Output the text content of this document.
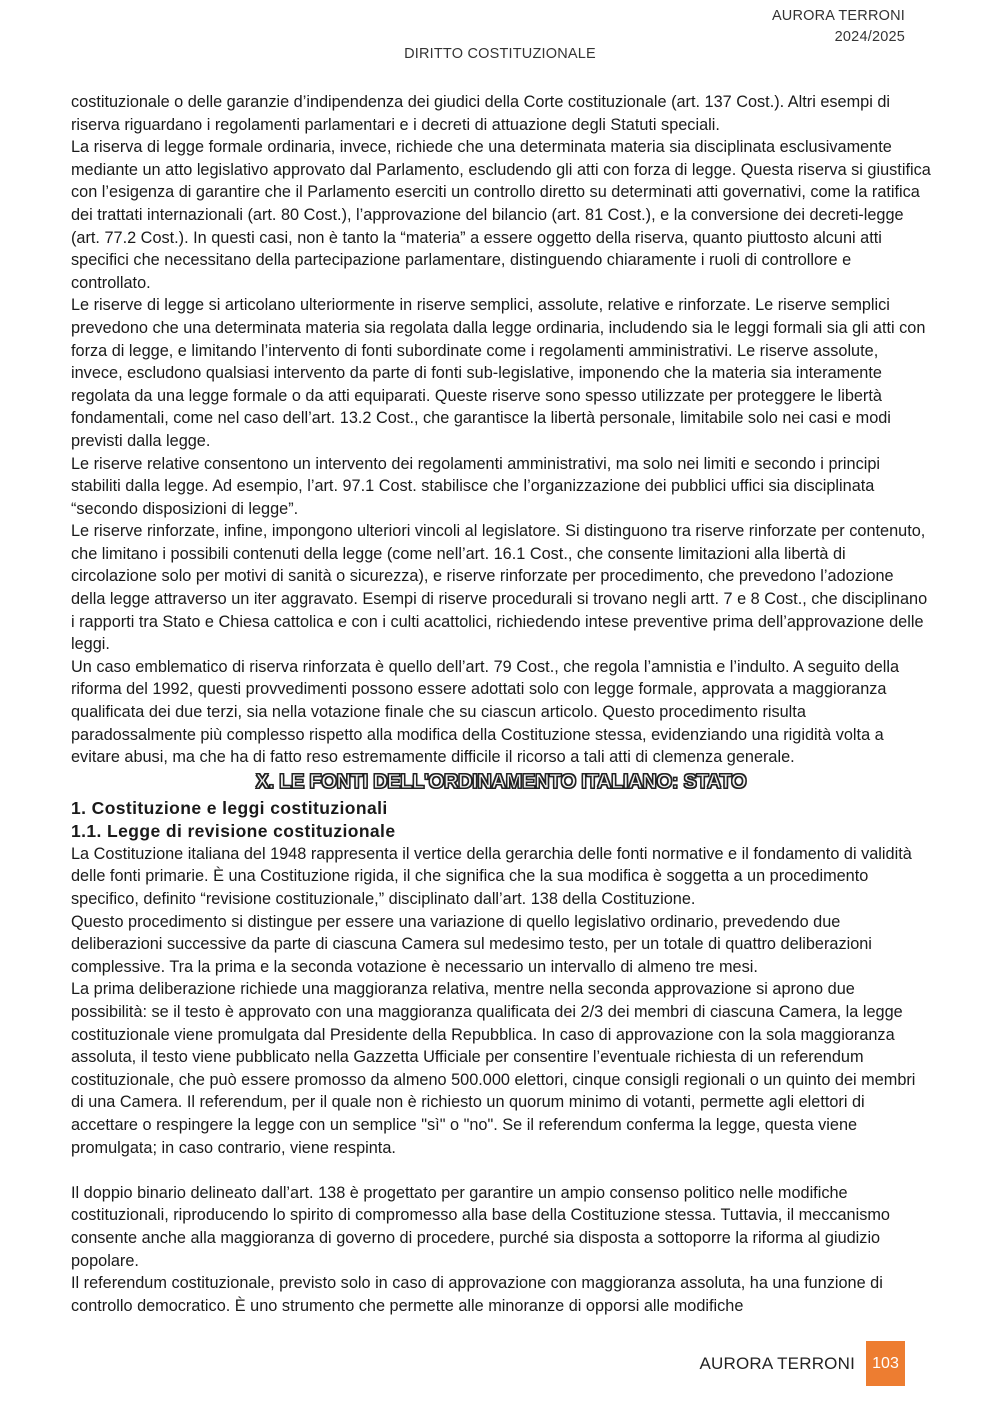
AURORA TERRONI
2024/2025
DIRITTO COSTITUZIONALE

costituzionale o delle garanzie d’indipendenza dei giudici della Corte costituzionale (art. 137 Cost.). Altri esempi di riserva riguardano i regolamenti parlamentari e i decreti di attuazione degli Statuti speciali.

La riserva di legge formale ordinaria, invece, richiede che una determinata materia sia disciplinata esclusivamente mediante un atto legislativo approvato dal Parlamento, escludendo gli atti con forza di legge. Questa riserva si giustifica con l’esigenza di garantire che il Parlamento eserciti un controllo diretto su determinati atti governativi, come la ratifica dei trattati internazionali (art. 80 Cost.), l’approvazione del bilancio (art. 81 Cost.), e la conversione dei decreti-legge (art. 77.2 Cost.). In questi casi, non è tanto la “materia” a essere oggetto della riserva, quanto piuttosto alcuni atti specifici che necessitano della partecipazione parlamentare, distinguendo chiaramente i ruoli di controllore e controllato.

Le riserve di legge si articolano ulteriormente in riserve semplici, assolute, relative e rinforzate. Le riserve semplici prevedono che una determinata materia sia regolata dalla legge ordinaria, includendo sia le leggi formali sia gli atti con forza di legge, e limitando l’intervento di fonti subordinate come i regolamenti amministrativi. Le riserve assolute, invece, escludono qualsiasi intervento da parte di fonti sub-legislative, imponendo che la materia sia interamente regolata da una legge formale o da atti equiparati. Queste riserve sono spesso utilizzate per proteggere le libertà fondamentali, come nel caso dell’art. 13.2 Cost., che garantisce la libertà personale, limitabile solo nei casi e modi previsti dalla legge.

Le riserve relative consentono un intervento dei regolamenti amministrativi, ma solo nei limiti e secondo i principi stabiliti dalla legge. Ad esempio, l’art. 97.1 Cost. stabilisce che l’organizzazione dei pubblici uffici sia disciplinata “secondo disposizioni di legge”.

Le riserve rinforzate, infine, impongono ulteriori vincoli al legislatore. Si distinguono tra riserve rinforzate per contenuto, che limitano i possibili contenuti della legge (come nell’art. 16.1 Cost., che consente limitazioni alla libertà di circolazione solo per motivi di sanità o sicurezza), e riserve rinforzate per procedimento, che prevedono l’adozione della legge attraverso un iter aggravato. Esempi di riserve procedurali si trovano negli artt. 7 e 8 Cost., che disciplinano i rapporti tra Stato e Chiesa cattolica e con i culti acattolici, richiedendo intese preventive prima dell’approvazione delle leggi.

Un caso emblematico di riserva rinforzata è quello dell’art. 79 Cost., che regola l’amnistia e l’indulto. A seguito della riforma del 1992, questi provvedimenti possono essere adottati solo con legge formale, approvata a maggioranza qualificata dei due terzi, sia nella votazione finale che su ciascun articolo. Questo procedimento risulta paradossalmente più complesso rispetto alla modifica della Costituzione stessa, evidenziando una rigidità volta a evitare abusi, ma che ha di fatto reso estremamente difficile il ricorso a tali atti di clemenza generale.

X. LE FONTI DELL'ORDINAMENTO ITALIANO: STATO
1. Costituzione e leggi costituzionali
1.1. Legge di revisione costituzionale

La Costituzione italiana del 1948 rappresenta il vertice della gerarchia delle fonti normative e il fondamento di validità delle fonti primarie. È una Costituzione rigida, il che significa che la sua modifica è soggetta a un procedimento specifico, definito “revisione costituzionale,” disciplinato dall’art. 138 della Costituzione.

Questo procedimento si distingue per essere una variazione di quello legislativo ordinario, prevedendo due deliberazioni successive da parte di ciascuna Camera sul medesimo testo, per un totale di quattro deliberazioni complessive. Tra la prima e la seconda votazione è necessario un intervallo di almeno tre mesi.

La prima deliberazione richiede una maggioranza relativa, mentre nella seconda approvazione si aprono due possibilità: se il testo è approvato con una maggioranza qualificata dei 2/3 dei membri di ciascuna Camera, la legge costituzionale viene promulgata dal Presidente della Repubblica. In caso di approvazione con la sola maggioranza assoluta, il testo viene pubblicato nella Gazzetta Ufficiale per consentire l’eventuale richiesta di un referendum costituzionale, che può essere promosso da almeno 500.000 elettori, cinque consigli regionali o un quinto dei membri di una Camera. Il referendum, per il quale non è richiesto un quorum minimo di votanti, permette agli elettori di accettare o respingere la legge con un semplice "sì" o "no". Se il referendum conferma la legge, questa viene promulgata; in caso contrario, viene respinta.

Il doppio binario delineato dall’art. 138 è progettato per garantire un ampio consenso politico nelle modifiche costituzionali, riproducendo lo spirito di compromesso alla base della Costituzione stessa. Tuttavia, il meccanismo consente anche alla maggioranza di governo di procedere, purché sia disposta a sottoporre la riforma al giudizio popolare.

Il referendum costituzionale, previsto solo in caso di approvazione con maggioranza assoluta, ha una funzione di controllo democratico. È uno strumento che permette alle minoranze di opporsi alle modifiche

AURORA TERRONI	103
